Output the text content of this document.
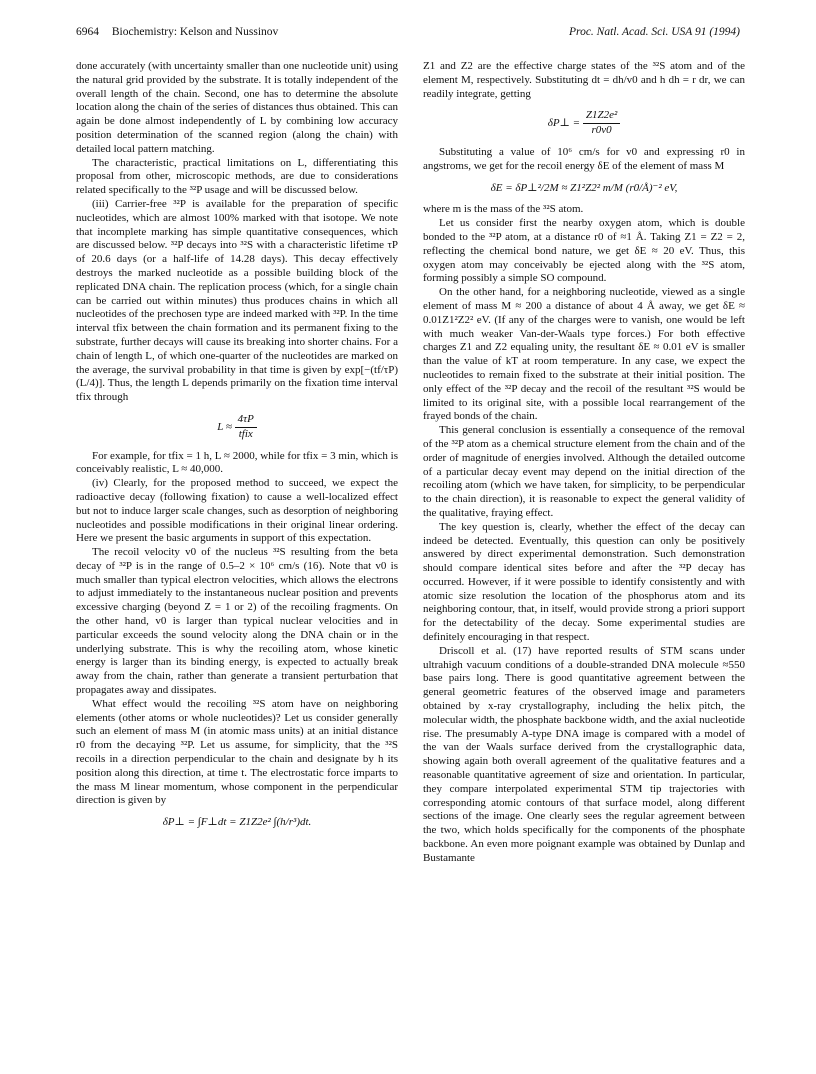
6964 Biochemistry: Kelson and Nussinov	Proc. Natl. Acad. Sci. USA 91 (1994)

done accurately (with uncertainty smaller than one nucleotide unit) using the natural grid provided by the substrate. It is totally independent of the overall length of the chain. Second, one has to determine the absolute location along the chain of the series of distances thus obtained. This can again be done almost independently of L by combining low accuracy position determination of the scanned region (along the chain) with detailed local pattern matching.

The characteristic, practical limitations on L, differentiating this proposal from other, microscopic methods, are due to considerations related specifically to the ³²P usage and will be discussed below.

(iii) Carrier-free ³²P is available for the preparation of specific nucleotides, which are almost 100% marked with that isotope. We note that incomplete marking has simple quantitative consequences, which are discussed below. ³²P decays into ³²S with a characteristic lifetime τP of 20.6 days (or a half-life of 14.28 days). This decay effectively destroys the marked nucleotide as a possible building block of the replicated DNA chain. The replication process (which, for a single chain can be carried out within minutes) thus produces chains in which all nucleotides of the prechosen type are indeed marked with ³²P. In the time interval tfix between the chain formation and its permanent fixing to the substrate, further decays will cause its breaking into shorter chains. For a chain of length L, of which one-quarter of the nucleotides are marked on the average, the survival probability in that time is given by exp[−(tf/τP)(L/4)]. Thus, the length L depends primarily on the fixation time interval tfix through

$L \approx \frac{4\tau P}{\text{tfix}}$

For example, for tfix = 1 h, L ≈ 2000, while for tfix = 3 min, which is conceivably realistic, L ≈ 40,000.

(iv) Clearly, for the proposed method to succeed, we expect the radioactive decay (following fixation) to cause a well-localized effect but not to induce larger scale changes, such as desorption of neighboring nucleotides and possible modifications in their original linear ordering. Here we present the basic arguments in support of this expectation.

The recoil velocity v0 of the nucleus ³²S resulting from the beta decay of ³²P is in the range of 0.5–2 × 10⁶ cm/s (16). Note that v0 is much smaller than typical electron velocities, which allows the electrons to adjust immediately to the instantaneous nuclear position and prevents excessive charging (beyond Z = 1 or 2) of the recoiling fragments. On the other hand, v0 is larger than typical nuclear velocities and in particular exceeds the sound velocity along the DNA chain or in the underlying substrate. This is why the recoiling atom, whose kinetic energy is larger than its binding energy, is expected to actually break away from the chain, rather than generate a transient perturbation that propagates away and dissipates.

What effect would the recoiling ³²S atom have on neighboring elements (other atoms or whole nucleotides)? Let us consider generally such an element of mass M (in atomic mass units) at an initial distance r0 from the decaying ³²P. Let us assume, for simplicity, that the ³²S recoils in a direction perpendicular to the chain and designate by h its position along this direction, at time t. The electrostatic force imparts to the mass M linear momentum, whose component in the perpendicular direction is given by

δP⊥ = ∫F⊥dt = Z1Z2e² ∫(h/r³)dt.

Z1 and Z2 are the effective charge states of the ³²S atom and of the element M, respectively. Substituting dt = dh/v0 and h dh = r dr, we can readily integrate, getting

δP⊥ = $\frac{\text{Z1Z2e²}}{r0v0}$

Substituting a value of 10⁶ cm/s for v0 and expressing r0 in angstroms, we get for the recoil energy δE of the element of mass M

δE = δP⊥²/2M ≈ Z1²Z2² m/M (r0/Å)⁻² eV,

where m is the mass of the ³²S atom.

Let us consider first the nearby oxygen atom, which is double bonded to the ³²P atom, at a distance r0 of ≈1 Å. Taking Z1 = Z2 = 2, reflecting the chemical bond nature, we get δE ≈ 20 eV. Thus, this oxygen atom may conceivably be ejected along with the ³²S atom, forming possibly a simple SO compound.

On the other hand, for a neighboring nucleotide, viewed as a single element of mass M ≈ 200 a distance of about 4 Å away, we get δE ≈ 0.01Z1²Z2² eV. (If any of the charges were to vanish, one would be left with much weaker Van-der-Waals type forces.) For both effective charges Z1 and Z2 equaling unity, the resultant δE ≈ 0.01 eV is smaller than the value of kT at room temperature. In any case, we expect the nucleotides to remain fixed to the substrate at their initial position. The only effect of the ³²P decay and the recoil of the resultant ³²S would be limited to its original site, with a possible local rearrangement of the frayed bonds of the chain.

This general conclusion is essentially a consequence of the removal of the ³²P atom as a chemical structure element from the chain and of the order of magnitude of energies involved. Although the detailed outcome of a particular decay event may depend on the initial direction of the recoiling atom (which we have taken, for simplicity, to be perpendicular to the chain direction), it is reasonable to expect the general validity of the qualitative, fraying effect.

The key question is, clearly, whether the effect of the decay can indeed be detected. Eventually, this question can only be positively answered by direct experimental demonstration. Such demonstration should compare identical sites before and after the ³²P decay has occurred. However, if it were possible to identify consistently and with atomic size resolution the location of the phosphorus atom and its neighboring contour, that, in itself, would provide strong a priori support for the detectability of the decay. Some experimental studies are definitely encouraging in that respect.

Driscoll et al. (17) have reported results of STM scans under ultrahigh vacuum conditions of a double-stranded DNA molecule ≈550 base pairs long. There is good quantitative agreement between the general geometric features of the observed image and parameters obtained by x-ray crystallography, including the helix pitch, the molecular width, the phosphate backbone width, and the axial nucleotide rise. The presumably A-type DNA image is compared with a model of the van der Waals surface derived from the crystallographic data, showing again both overall agreement of the qualitative features and a reasonable quantitative agreement of size and orientation. In particular, they compare interpolated experimental STM tip trajectories with corresponding atomic contours of that surface model, along different sections of the image. One clearly sees the regular agreement between the two, which holds specifically for the components of the phosphate backbone. An even more poignant example was obtained by Dunlap and Bustamante
